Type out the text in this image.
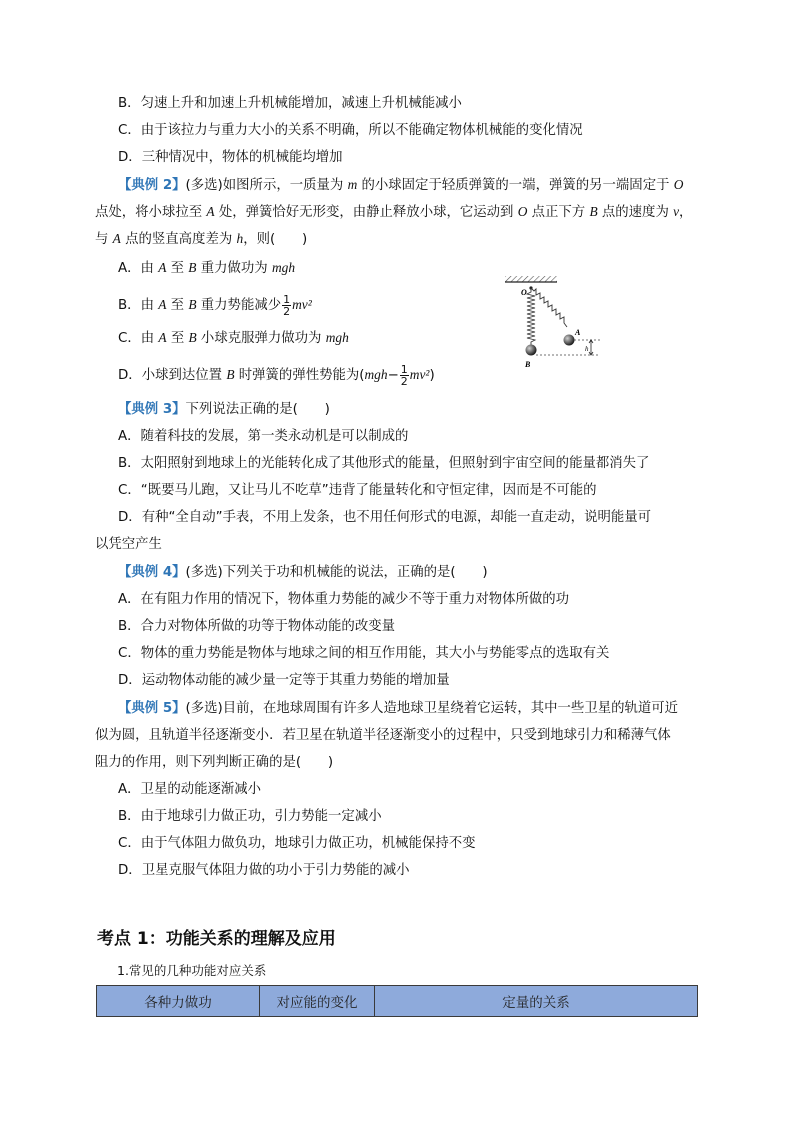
B．匀速上升和加速上升机械能增加，减速上升机械能减小
C．由于该拉力与重力大小的关系不明确，所以不能确定物体机械能的变化情况
D．三种情况中，物体的机械能均增加
【典例 2】(多选)如图所示，一质量为 m 的小球固定于轻质弹簧的一端，弹簧的另一端固定于 O
点处，将小球拉至 A 处，弹簧恰好无形变，由静止释放小球，它运动到 O 点正下方 B 点的速度为 v，
与 A 点的竖直高度差为 h，则(　　)
A．由 A 至 B 重力做功为 mgh
B．由 A 至 B 重力势能减少 $\frac{1}{2} mv^2$
C．由 A 至 B 小球克服弹力做功为 mgh
D．小球到达位置 B 时弹簧的弹性势能为$(mgh- \frac{1}{2} mv^2)$
O
A
B
h
【典例 3】下列说法正确的是(　　)
A．随着科技的发展，第一类永动机是可以制成的
B．太阳照射到地球上的光能转化成了其他形式的能量，但照射到宇宙空间的能量都消失了
C．“既要马儿跑，又让马儿不吃草”违背了能量转化和守恒定律，因而是不可能的
D．有种“全自动”手表，不用上发条，也不用任何形式的电源，却能一直走动，说明能量可
以凭空产生
【典例 4】(多选)下列关于功和机械能的说法，正确的是(　　)
A．在有阻力作用的情况下，物体重力势能的减少不等于重力对物体所做的功
B．合力对物体所做的功等于物体动能的改变量
C．物体的重力势能是物体与地球之间的相互作用能，其大小与势能零点的选取有关
D．运动物体动能的减少量一定等于其重力势能的增加量
【典例 5】(多选)目前，在地球周围有许多人造地球卫星绕着它运转，其中一些卫星的轨道可近
似为圆，且轨道半径逐渐变小．若卫星在轨道半径逐渐变小的过程中，只受到地球引力和稀薄气体
阻力的作用，则下列判断正确的是(　　)
A．卫星的动能逐渐减小
B．由于地球引力做正功，引力势能一定减小
C．由于气体阻力做负功，地球引力做正功，机械能保持不变
D．卫星克服气体阻力做的功小于引力势能的减小
考点 1：功能关系的理解及应用
1.常见的几种功能对应关系
各种力做功	对应能的变化	定量的关系
